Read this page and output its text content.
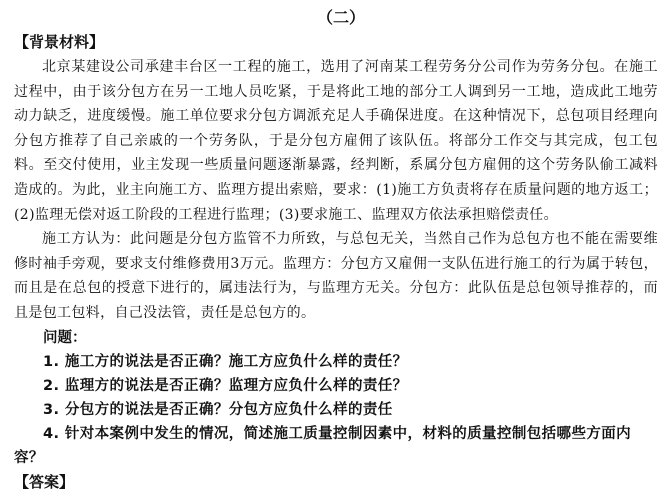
（二）
【背景材料】

北京某建设公司承建丰台区一工程的施工，选用了河南某工程劳务分公司作为劳务分包。在施工过程中，由于该分包方在另一工地人员吃紧，于是将此工地的部分工人调到另一工地，造成此工地劳动力缺乏，进度缓慢。施工单位要求分包方调派充足人手确保进度。在这种情况下，总包项目经理向分包方推荐了自己亲戚的一个劳务队，于是分包方雇佣了该队伍。将部分工作交与其完成，包工包料。至交付使用，业主发现一些质量问题逐渐暴露，经判断，系属分包方雇佣的这个劳务队偷工减料造成的。为此，业主向施工方、监理方提出索赔，要求：(1)施工方负责将存在质量问题的地方返工；(2)监理无偿对返工阶段的工程进行监理；(3)要求施工、监理双方依法承担赔偿责任。

施工方认为：此问题是分包方监管不力所致，与总包无关，当然自己作为总包方也不能在需要维修时袖手旁观，要求支付维修费用3万元。监理方：分包方又雇佣一支队伍进行施工的行为属于转包，而且是在总包的授意下进行的，属违法行为，与监理方无关。分包方：此队伍是总包领导推荐的，而且是包工包料，自己没法管，责任是总包方的。

问题：

1. 施工方的说法是否正确？施工方应负什么样的责任？

2. 监理方的说法是否正确？监理方应负什么样的责任？

3. 分包方的说法是否正确？分包方应负什么样的责任

4. 针对本案例中发生的情况，简述施工质量控制因素中，材料的质量控制包括哪些方面内容？

【答案】
